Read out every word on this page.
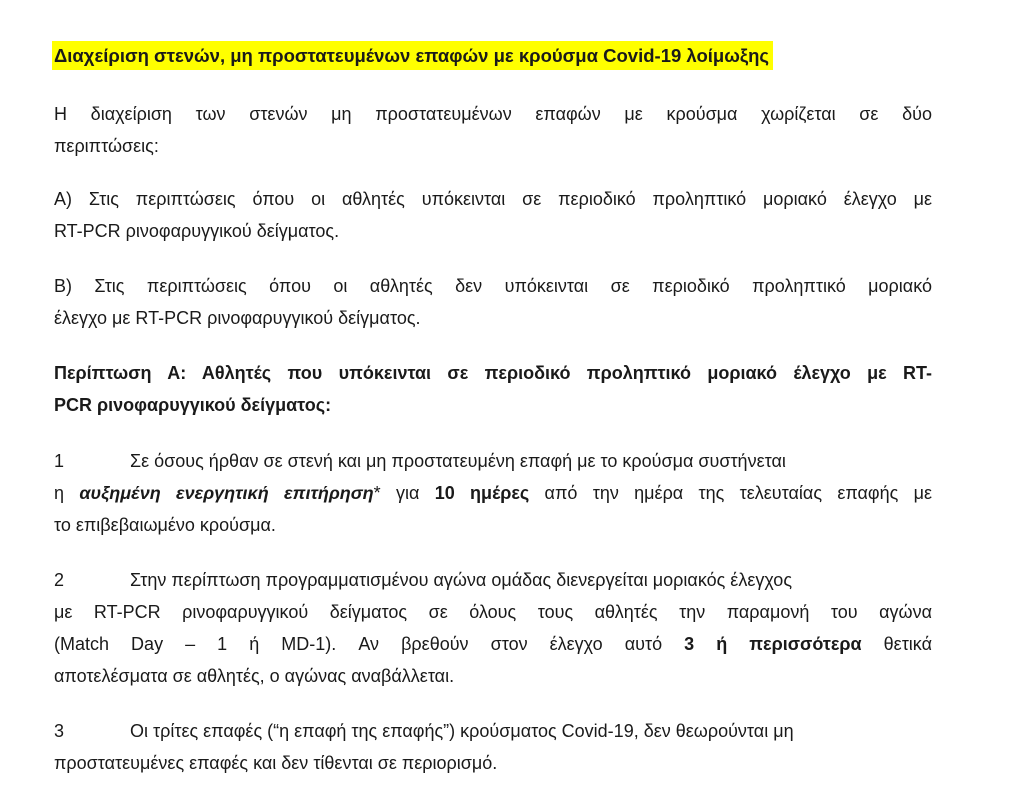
Διαχείριση στενών, μη προστατευμένων επαφών με κρούσμα Covid-19 λοίμωξης
Η διαχείριση των στενών μη προστατευμένων επαφών με κρούσμα χωρίζεται σε δύο
περιπτώσεις:
Α) Στις περιπτώσεις όπου οι αθλητές υπόκεινται σε περιοδικό προληπτικό μοριακό έλεγχο με
RT-PCR ρινοφαρυγγικού δείγματος.
Β) Στις περιπτώσεις όπου οι αθλητές δεν υπόκεινται σε περιοδικό προληπτικό μοριακό
έλεγχο με RT-PCR ρινοφαρυγγικού δείγματος.
Περίπτωση Α: Αθλητές που υπόκεινται σε περιοδικό προληπτικό μοριακό έλεγχο με RT-
PCR ρινοφαρυγγικού δείγματος:
1	Σε όσους ήρθαν σε στενή και μη προστατευμένη επαφή με το κρούσμα συστήνεται
η αυξημένη ενεργητική επιτήρηση* για 10 ημέρες από την ημέρα της τελευταίας επαφής με
το επιβεβαιωμένο κρούσμα.
2	Στην περίπτωση προγραμματισμένου αγώνα ομάδας διενεργείται μοριακός έλεγχος
με RT-PCR ρινοφαρυγγικού δείγματος σε όλους τους αθλητές την παραμονή του αγώνα
(Match Day – 1 ή MD-1). Αν βρεθούν στον έλεγχο αυτό 3 ή περισσότερα θετικά
αποτελέσματα σε αθλητές, ο αγώνας αναβάλλεται.
3	Οι τρίτες επαφές (“η επαφή της επαφής”) κρούσματος Covid-19, δεν θεωρούνται μη
προστατευμένες επαφές και δεν τίθενται σε περιορισμό.
